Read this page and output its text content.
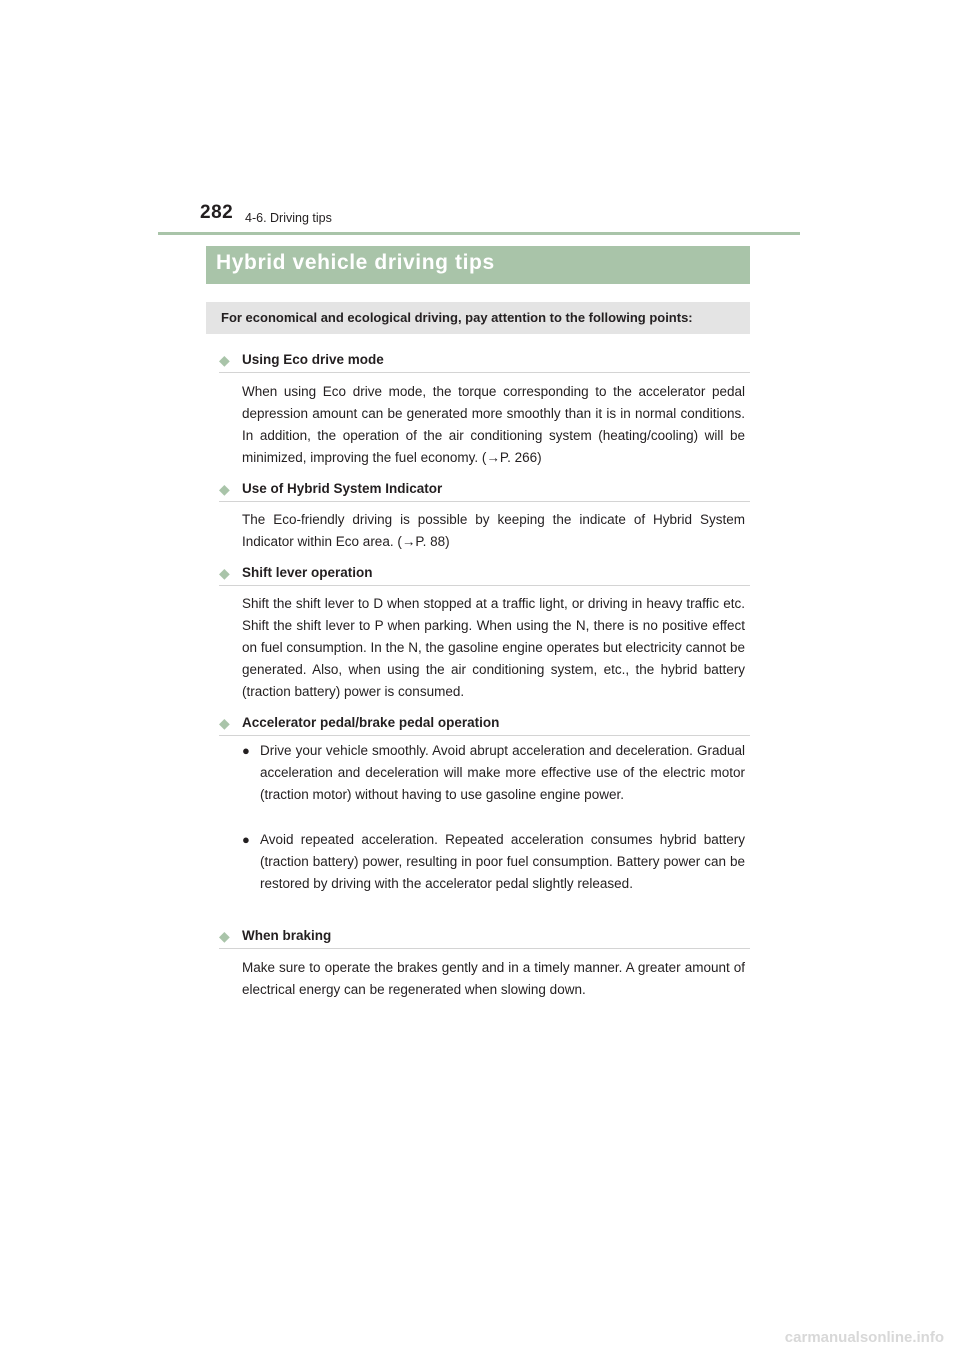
282 4-6. Driving tips
Hybrid vehicle driving tips
For economical and ecological driving, pay attention to the following points:
◆ Using Eco drive mode
When using Eco drive mode, the torque corresponding to the accelerator pedal depression amount can be generated more smoothly than it is in normal conditions. In addition, the operation of the air conditioning system (heating/cooling) will be minimized, improving the fuel economy. (→P. 266)
◆ Use of Hybrid System Indicator
The Eco-friendly driving is possible by keeping the indicate of Hybrid System Indicator within Eco area. (→P. 88)
◆ Shift lever operation
Shift the shift lever to D when stopped at a traffic light, or driving in heavy traffic etc. Shift the shift lever to P when parking. When using the N, there is no positive effect on fuel consumption. In the N, the gasoline engine operates but electricity cannot be generated. Also, when using the air conditioning system, etc., the hybrid battery (traction battery) power is consumed.
◆ Accelerator pedal/brake pedal operation
● Drive your vehicle smoothly. Avoid abrupt acceleration and deceleration. Gradual acceleration and deceleration will make more effective use of the electric motor (traction motor) without having to use gasoline engine power.
● Avoid repeated acceleration. Repeated acceleration consumes hybrid battery (traction battery) power, resulting in poor fuel consumption. Battery power can be restored by driving with the accelerator pedal slightly released.
◆ When braking
Make sure to operate the brakes gently and in a timely manner. A greater amount of electrical energy can be regenerated when slowing down.
carmanualsonline.info
